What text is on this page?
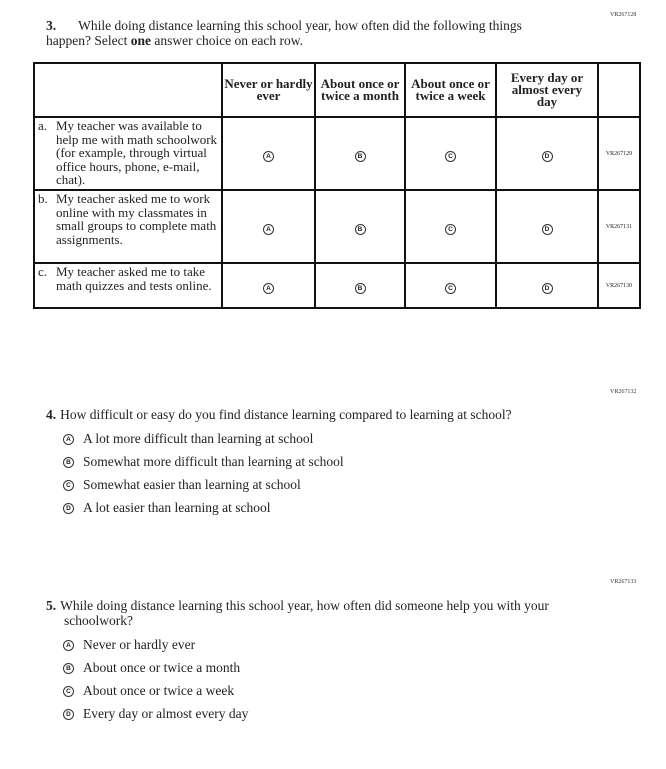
VR267128
3. While doing distance learning this school year, how often did the following things happen? Select one answer choice on each row.
	Never or hardly ever	About once or twice a month	About once or twice a week	Every day or almost every day	

a. My teacher was available to help me with math schoolwork (for example, through virtual office hours, phone, e-mail, chat).	A	B	C	D	VR267129

b. My teacher asked me to work online with my classmates in small groups to complete math assignments.	A	B	C	D	VR267131

c. My teacher asked me to take math quizzes and tests online.	A	B	C	D	VR267130
VR267132
4. How difficult or easy do you find distance learning compared to learning at school?
A A lot more difficult than learning at school
B Somewhat more difficult than learning at school
C Somewhat easier than learning at school
D A lot easier than learning at school
VR267133
5. While doing distance learning this school year, how often did someone help you with your schoolwork?
A Never or hardly ever
B About once or twice a month
C About once or twice a week
D Every day or almost every day
